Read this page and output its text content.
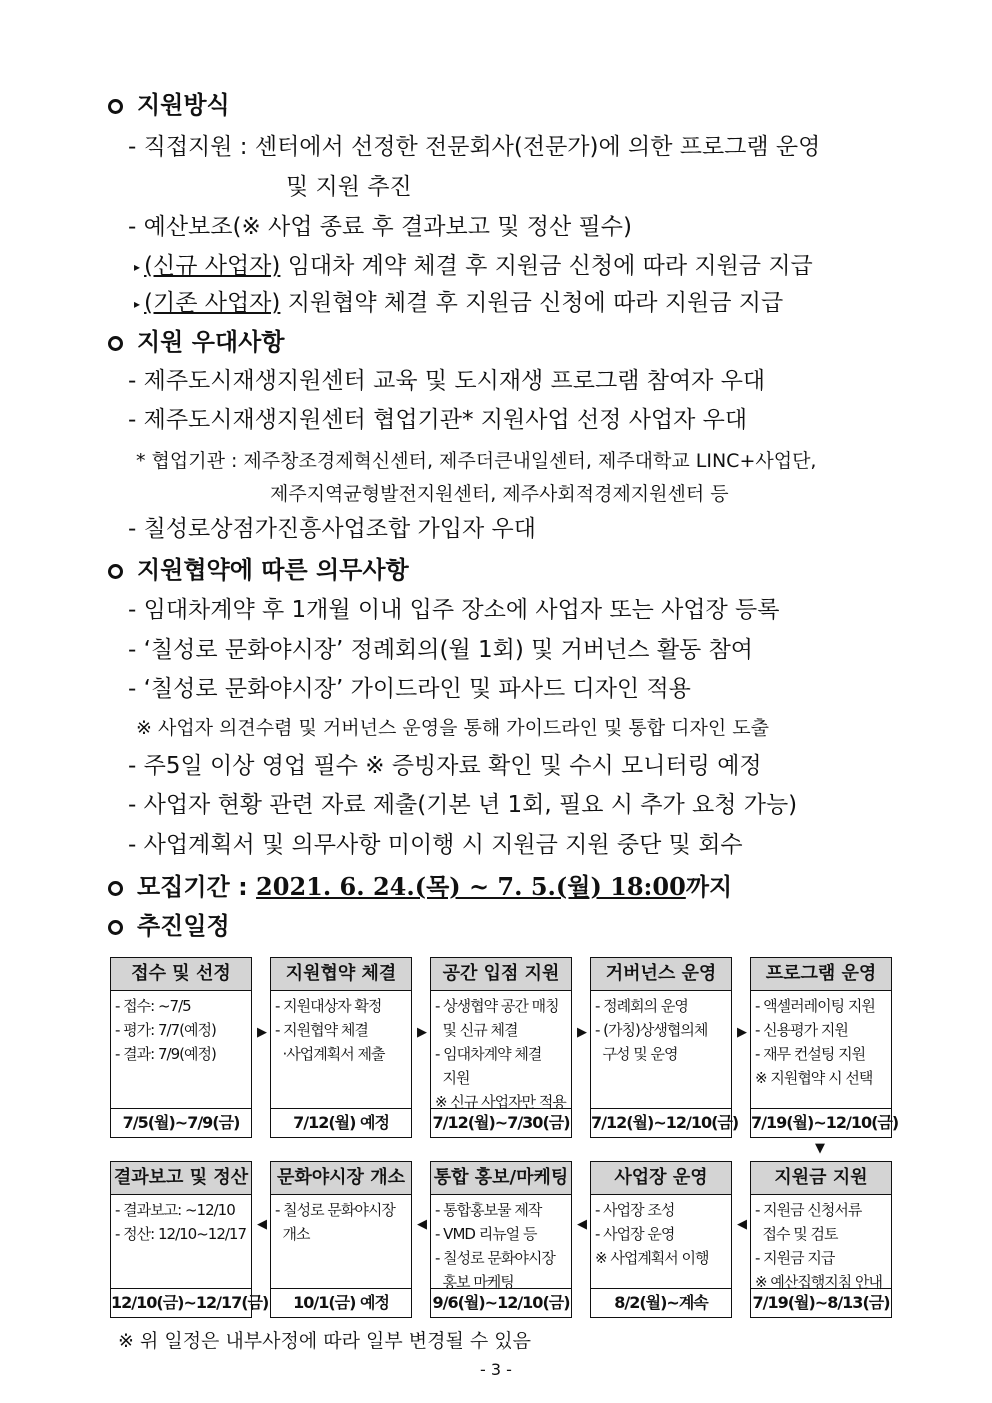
지원방식
- 직접지원 : 센터에서 선정한 전문회사(전문가)에 의한 프로그램 운영
및 지원 추진
- 예산보조(※ 사업 종료 후 결과보고 및 정산 필수)
▸ (신규 사업자) 임대차 계약 체결 후 지원금 신청에 따라 지원금 지급
▸ (기존 사업자) 지원협약 체결 후 지원금 신청에 따라 지원금 지급
지원 우대사항
- 제주도시재생지원센터 교육 및 도시재생 프로그램 참여자 우대
- 제주도시재생지원센터 협업기관* 지원사업 선정 사업자 우대
* 협업기관 : 제주창조경제혁신센터, 제주더큰내일센터, 제주대학교 LINC+사업단,
제주지역균형발전지원센터, 제주사회적경제지원센터 등
- 칠성로상점가진흥사업조합 가입자 우대
지원협약에 따른 의무사항
- 임대차계약 후 1개월 이내 입주 장소에 사업자 또는 사업장 등록
- ‘칠성로 문화야시장’ 정례회의(월 1회) 및 거버넌스 활동 참여
- ‘칠성로 문화야시장’ 가이드라인 및 파사드 디자인 적용
※ 사업자 의견수렴 및 거버넌스 운영을 통해 가이드라인 및 통합 디자인 도출
- 주5일 이상 영업 필수 ※ 증빙자료 확인 및 수시 모니터링 예정
- 사업자 현황 관련 자료 제출(기본 년 1회, 필요 시 추가 요청 가능)
- 사업계획서 및 의무사항 미이행 시 지원금 지원 중단 및 회수
모집기간 : 2021. 6. 24.(목) ~ 7. 5.(월) 18:00까지
추진일정
접수 및 선정
- 접수: ~7/5
- 평가: 7/7(예정)
- 결과: 7/9(예정)
7/5(월)~7/9(금)
▶
지원협약 체결
- 지원대상자 확정
- 지원협약 체결
·사업계획서 제출
7/12(월) 예정
▶
공간 입점 지원
- 상생협약 공간 매칭
및 신규 체결
- 임대차계약 체결
지원
※ 신규 사업자만 적용
7/12(월)~7/30(금)
▶
거버넌스 운영
- 정례회의 운영
- (가칭)상생협의체
구성 및 운영
7/12(월)~12/10(금)
▶
프로그램 운영
- 액셀러레이팅 지원
- 신용평가 지원
- 재무 컨설팅 지원
※ 지원협약 시 선택
7/19(월)~12/10(금)
▼
결과보고 및 정산
- 결과보고: ~12/10
- 정산: 12/10~12/17
12/10(금)~12/17(금)
◀
문화야시장 개소
- 칠성로 문화야시장
개소
10/1(금) 예정
◀
통합 홍보/마케팅
- 통합홍보물 제작
- VMD 리뉴얼 등
- 칠성로 문화야시장
홍보 마케팅
9/6(월)~12/10(금)
◀
사업장 운영
- 사업장 조성
- 사업장 운영
※ 사업계획서 이행
8/2(월)~계속
◀
지원금 지원
- 지원금 신청서류
접수 및 검토
- 지원금 지급
※ 예산집행지침 안내
7/19(월)~8/13(금)
※ 위 일정은 내부사정에 따라 일부 변경될 수 있음
- 3 -
